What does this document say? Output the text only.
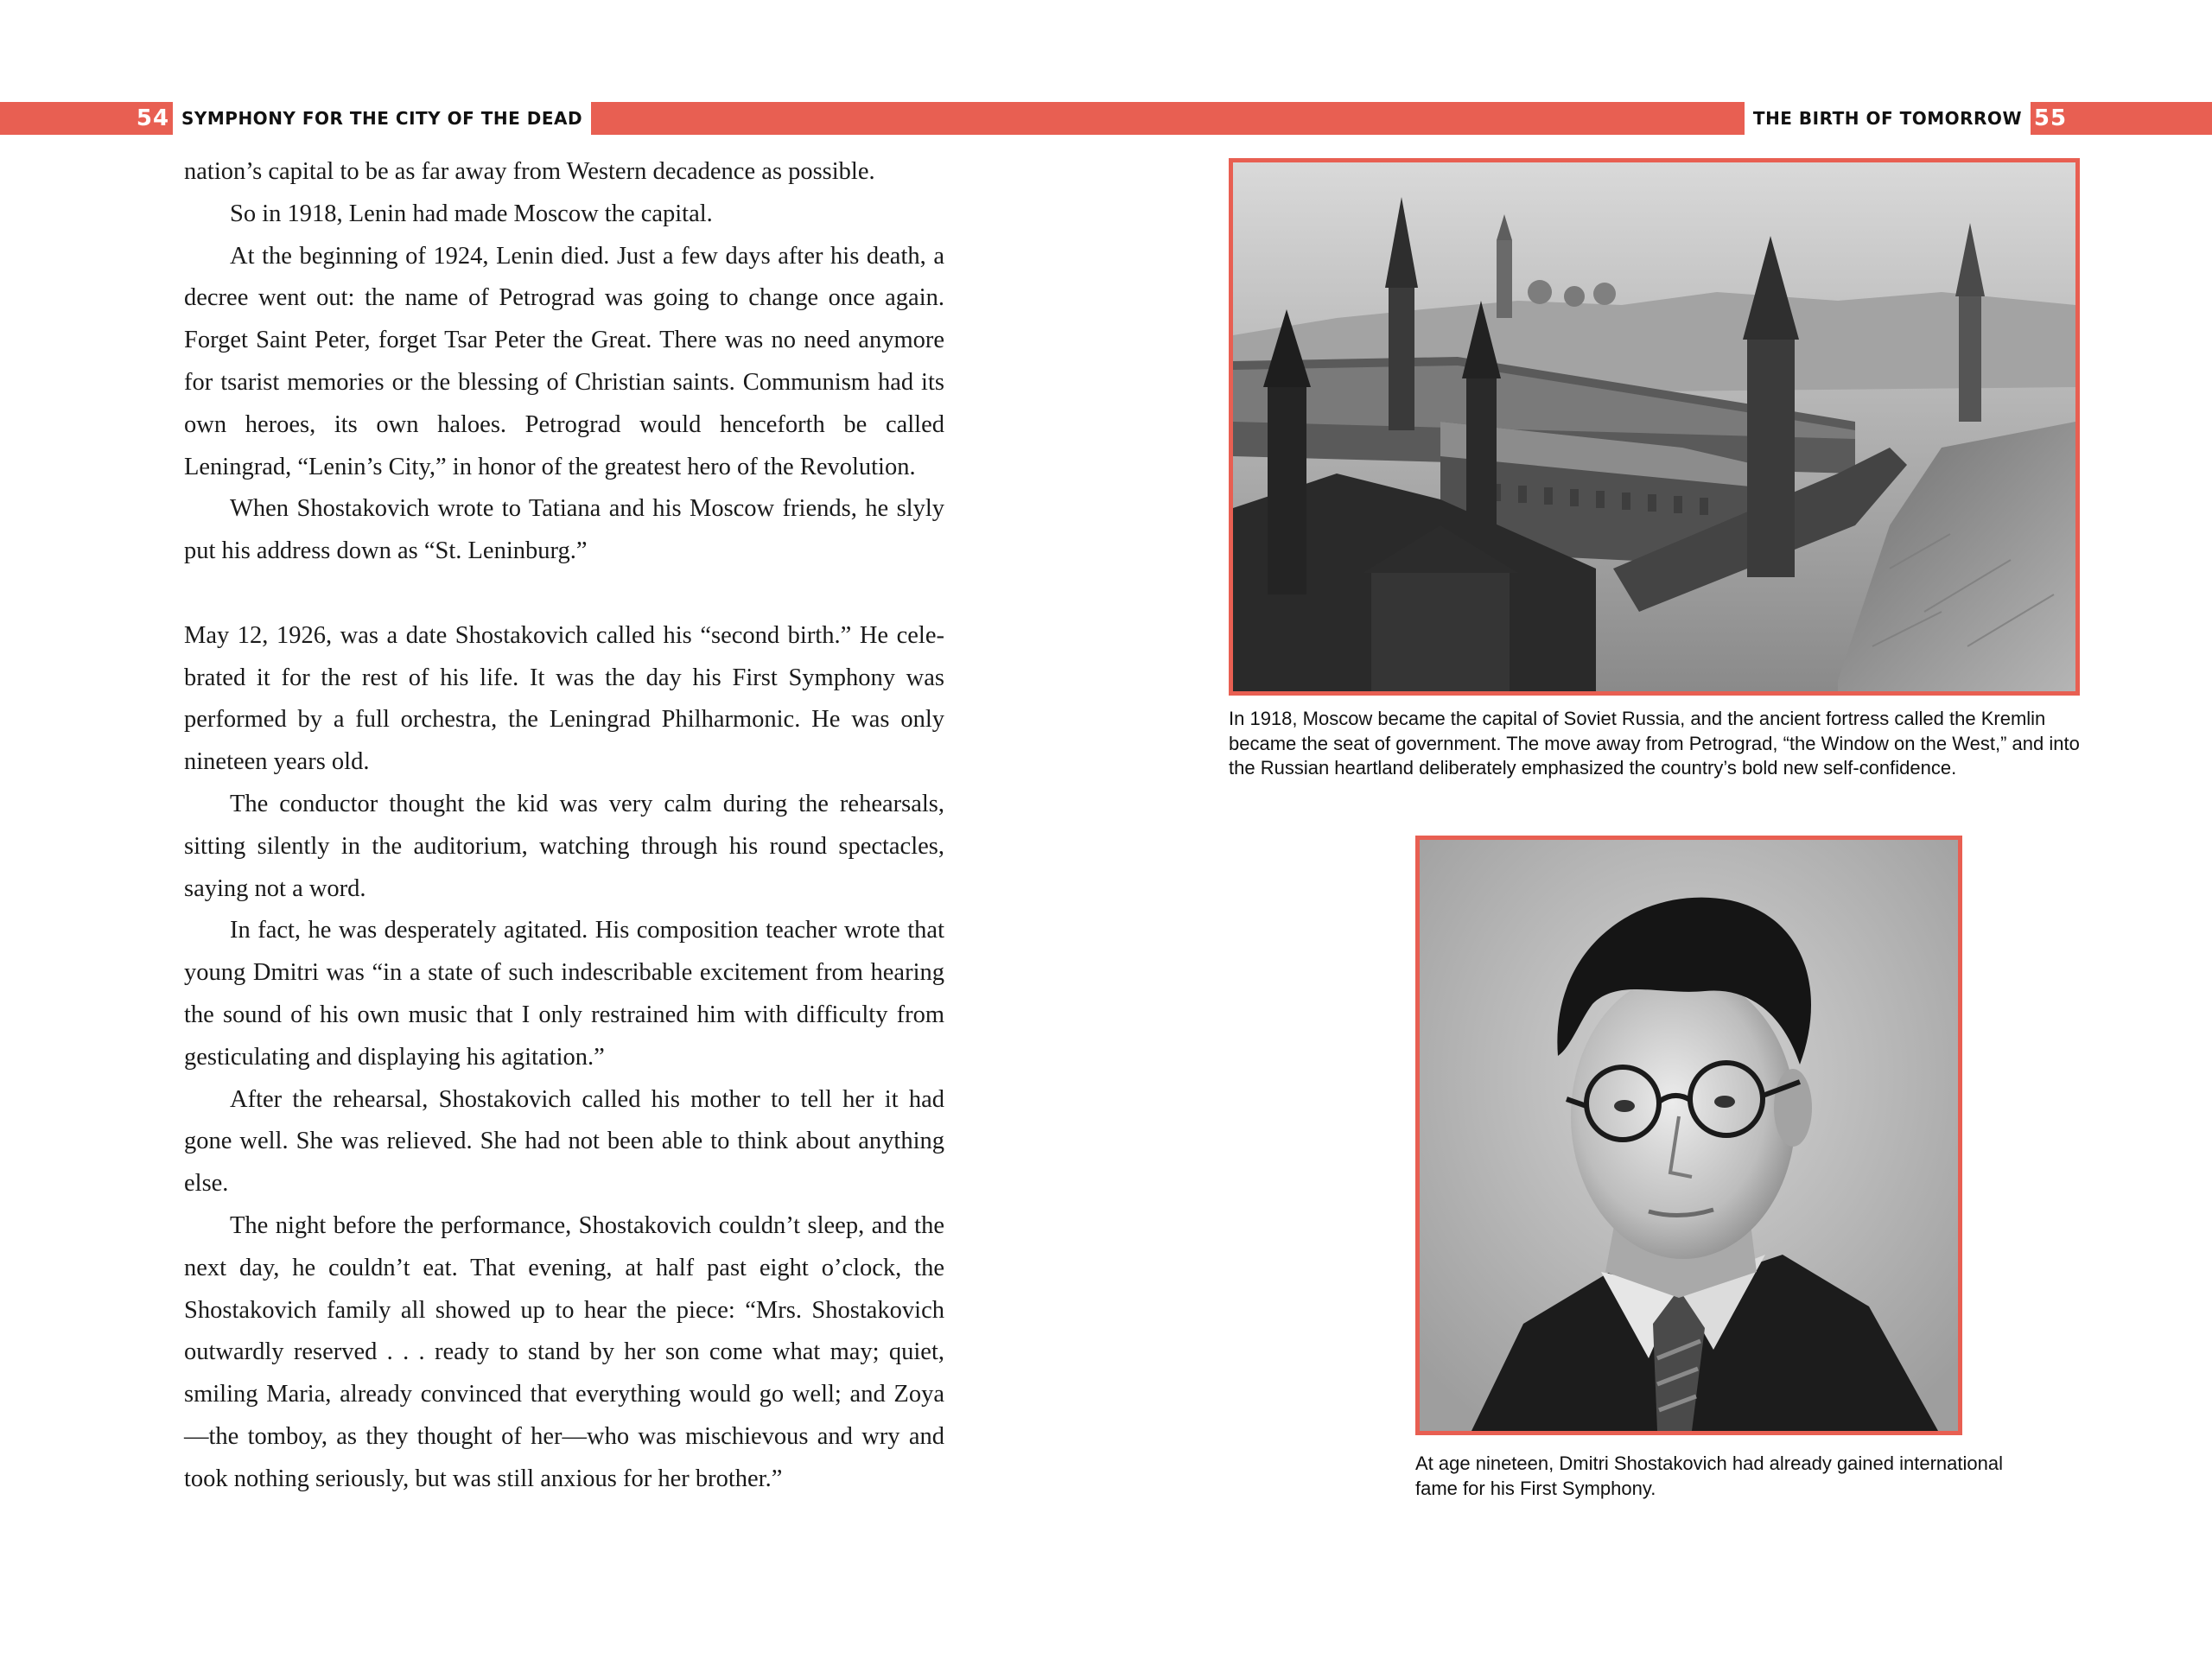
54 SYMPHONY FOR THE CITY OF THE DEAD

nation’s capital to be as far away from Western decadence as possible.

So in 1918, Lenin had made Moscow the capital.

At the beginning of 1924, Lenin died. Just a few days after his death, a decree went out: the name of Petrograd was going to change once again. Forget Saint Peter, forget Tsar Peter the Great. There was no need anymore for tsarist memories or the blessing of Christian saints. Communism had its own heroes, its own haloes. Petrograd would henceforth be called Leningrad, “Lenin’s City,” in honor of the greatest hero of the Revolution.

When Shostakovich wrote to Tatiana and his Moscow friends, he slyly put his address down as “St. Leninburg.”

May 12, 1926, was a date Shostakovich called his “second birth.” He celebrated it for the rest of his life. It was the day his First Symphony was performed by a full orchestra, the Leningrad Philharmonic. He was only nineteen years old.

The conductor thought the kid was very calm during the rehearsals, sitting silently in the auditorium, watching through his round spectacles, saying not a word.

In fact, he was desperately agitated. His composition teacher wrote that young Dmitri was “in a state of such indescribable excitement from hearing the sound of his own music that I only restrained him with difficulty from gesticulating and displaying his agitation.”

After the rehearsal, Shostakovich called his mother to tell her it had gone well. She was relieved. She had not been able to think about anything else.

The night before the performance, Shostakovich couldn’t sleep, and the next day, he couldn’t eat. That evening, at half past eight o’clock, the Shostakovich family all showed up to hear the piece: “Mrs. Shostakovich outwardly reserved . . . ready to stand by her son come what may; quiet, smiling Maria, already convinced that everything would go well; and Zoya—the tomboy, as they thought of her—who was mischievous and wry and took nothing seriously, but was still anxious for her brother.”

THE BIRTH OF TOMORROW 55
In 1918, Moscow became the capital of Soviet Russia, and the ancient fortress called the Kremlin became the seat of government. The move away from Petrograd, “the Window on the West,” and into the Russian heartland deliberately emphasized the country’s bold new self-confidence.
At age nineteen, Dmitri Shostakovich had already gained international fame for his First Symphony.
